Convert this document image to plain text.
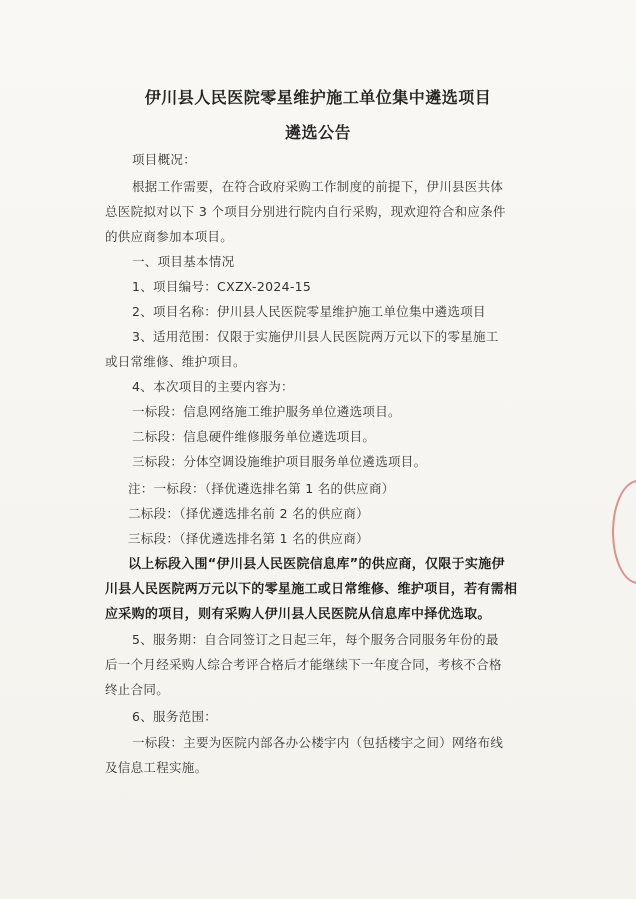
伊川县人民医院零星维护施工单位集中遴选项目
遴选公告
项目概况：
根据工作需要，在符合政府采购工作制度的前提下，伊川县医共体
总医院拟对以下 3 个项目分别进行院内自行采购，现欢迎符合和应条件
的供应商参加本项目。
一、项目基本情况
1、项目编号：CXZX-2024-15
2、项目名称：伊川县人民医院零星维护施工单位集中遴选项目
3、适用范围：仅限于实施伊川县人民医院两万元以下的零星施工
或日常维修、维护项目。
4、本次项目的主要内容为：
一标段：信息网络施工维护服务单位遴选项目。
二标段：信息硬件维修服务单位遴选项目。
三标段：分体空调设施维护项目服务单位遴选项目。
注：一标段：（择优遴选排名第 1 名的供应商）
二标段：（择优遴选排名前 2 名的供应商）
三标段：（择优遴选排名第 1 名的供应商）
以上标段入围“伊川县人民医院信息库”的供应商，仅限于实施伊
川县人民医院两万元以下的零星施工或日常维修、维护项目，若有需相
应采购的项目，则有采购人伊川县人民医院从信息库中择优选取。
5、服务期：自合同签订之日起三年，每个服务合同服务年份的最
后一个月经采购人综合考评合格后才能继续下一年度合同，考核不合格
终止合同。
6、服务范围：
一标段：主要为医院内部各办公楼宇内（包括楼宇之间）网络布线
及信息工程实施。
